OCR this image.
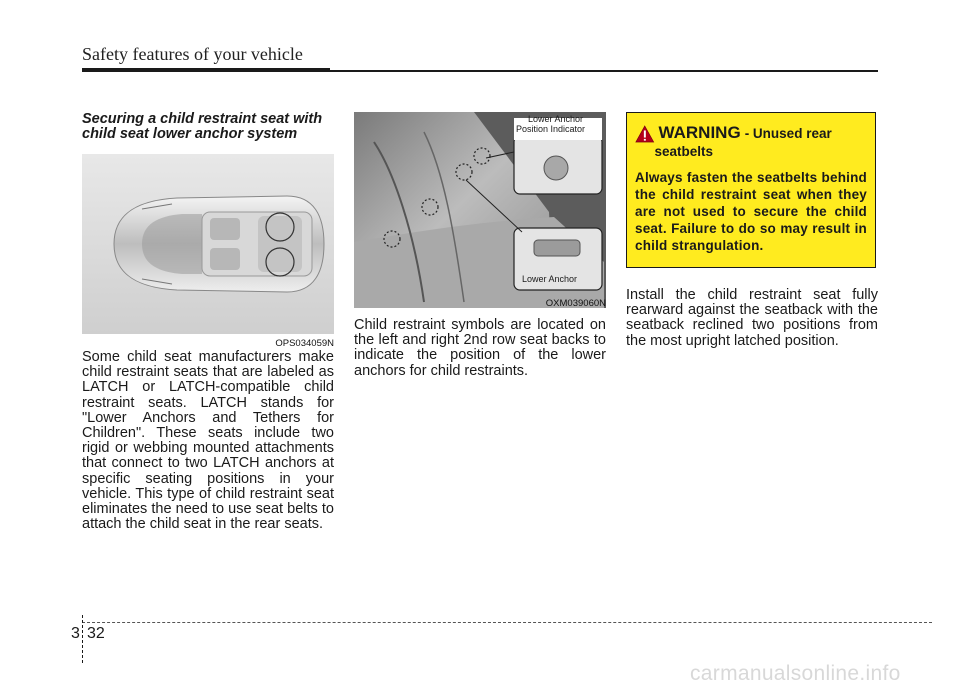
Safety features of your vehicle

Securing a child restraint seat with child seat lower anchor system

OPS034059N

Some child seat manufacturers make child restraint seats that are labeled as LATCH or LATCH-compatible child restraint seats. LATCH stands for "Lower Anchors and Tethers for Children". These seats include two rigid or webbing mounted attachments that connect to two LATCH anchors at specific seating positions in your vehicle. This type of child restraint seat eliminates the need to use seat belts to attach the child seat in the rear seats.

Lower Anchor
Position Indicator
Lower Anchor
OXM039060N

Child restraint symbols are located on the left and right 2nd row seat backs to indicate the position of the lower anchors for child restraints.

WARNING - Unused rear seatbelts
Always fasten the seatbelts behind the child restraint seat when they are not used to secure the child seat. Failure to do so may result in child strangulation.

Install the child restraint seat fully rearward against the seatback with the seatback reclined two positions from the most upright latched position.

3 32
carmanualsonline.info
